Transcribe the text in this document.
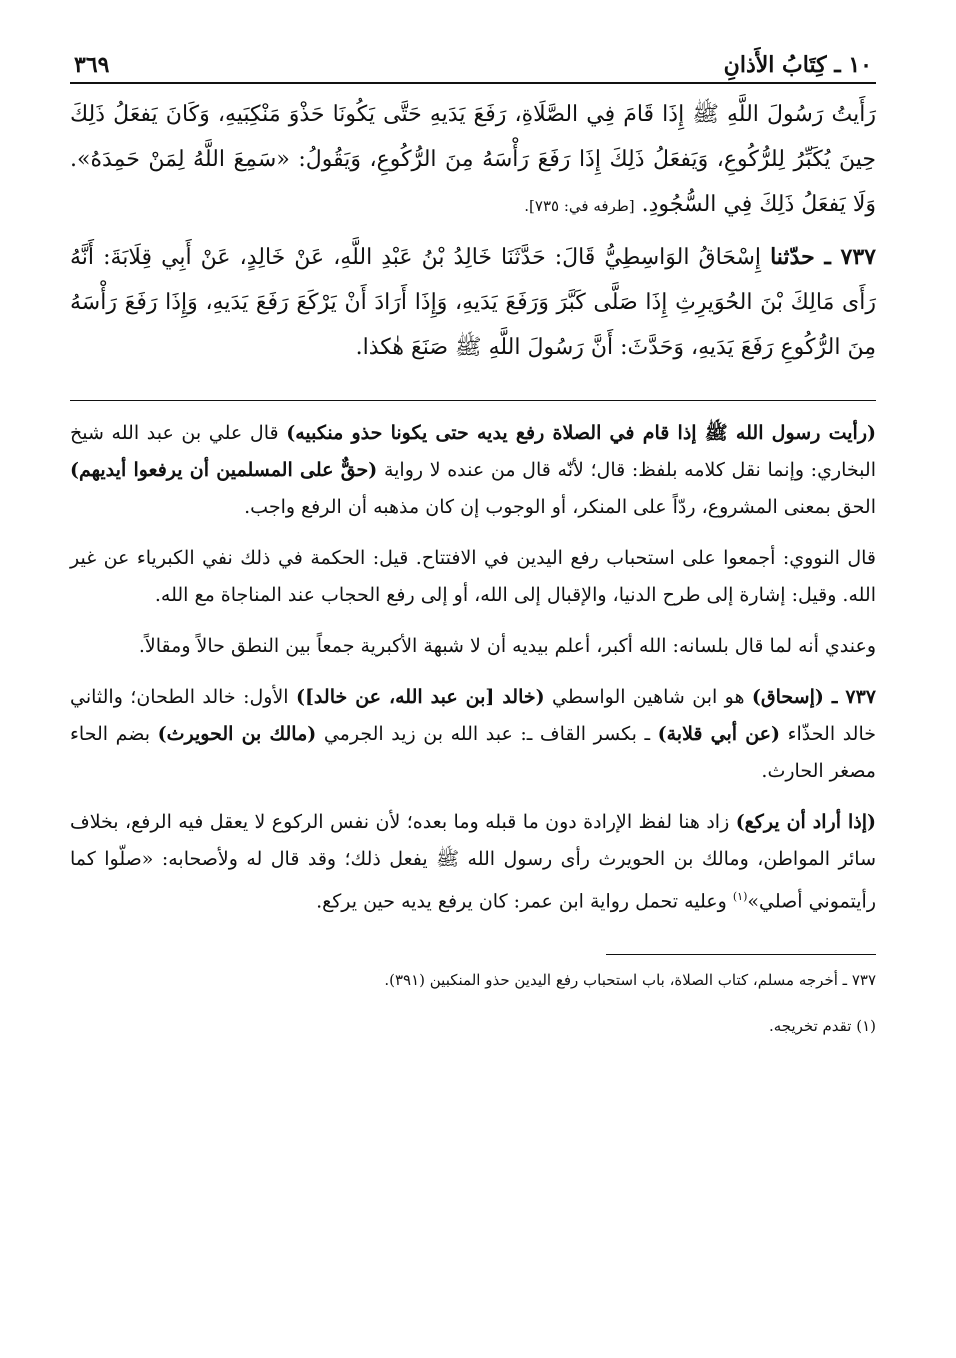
١٠ ـ كِتَابُ الأَذانِ
٣٦٩

رَأَيتُ رَسُولَ اللَّهِ ﷺ إِذَا قَامَ فِي الصَّلَاةِ، رَفَعَ يَدَيهِ حَتَّى يَكُونَا حَذْوَ مَنْكِبَيهِ، وَكَانَ يَفعَلُ ذَلِكَ حِينَ يُكَبِّرُ لِلرُّكُوعِ، وَيَفعَلُ ذَلِكَ إِذَا رَفَعَ رَأْسَهُ مِنَ الرُّكُوعِ، وَيَقُولُ: «سَمِعَ اللَّهُ لِمَنْ حَمِدَهُ». وَلَا يَفعَلُ ذَلِكَ فِي السُّجُودِ. [طرفه في: ٧٣٥].

٧٣٧ ـ حدّثنا إِسْحَاقُ الوَاسِطِيُّ قَالَ: حَدَّثَنَا خَالِدُ بْنُ عَبْدِ اللَّهِ، عَنْ خَالِدٍ، عَنْ أَبِي قِلَابَةَ: أَنَّهُ رَأَى مَالِكَ بْنَ الحُوَيرِثِ إِذَا صَلَّى كَبَّرَ وَرَفَعَ يَدَيهِ، وَإِذَا أَرَادَ أَنْ يَرْكَعَ رَفَعَ يَدَيهِ، وَإِذَا رَفَعَ رَأْسَهُ مِنَ الرُّكُوعِ رَفَعَ يَدَيهِ، وَحَدَّثَ: أَنَّ رَسُولَ اللَّهِ ﷺ صَنَعَ هٰكذا.

(رأيت رسول الله ﷺ إذا قام في الصلاة رفع يديه حتى يكونا حذو منكبيه) قال علي بن عبد الله شيخ البخاري: وإنما نقل كلامه بلفظ: قال؛ لأنّه قال من عنده لا رواية (حقٌّ على المسلمين أن يرفعوا أيديهم) الحق بمعنى المشروع، ردّاً على المنكر، أو الوجوب إن كان مذهبه أن الرفع واجب.

قال النووي: أجمعوا على استحباب رفع اليدين في الافتتاح. قيل: الحكمة في ذلك نفي الكبرياء عن غير الله. وقيل: إشارة إلى طرح الدنيا، والإقبال إلى الله، أو إلى رفع الحجاب عند المناجاة مع الله.

وعندي أنه لما قال بلسانه: الله أكبر، أعلم بيديه أن لا شبهة الأكبرية جمعاً بين النطق حالاً ومقالاً.

٧٣٧ ـ (إسحاق) هو ابن شاهين الواسطي (خالد [بن عبد الله، عن خالد]) الأول: خالد الطحان؛ والثاني خالد الحذّاء (عن أبي قلابة) ـ بكسر القاف ـ: عبد الله بن زيد الجرمي (مالك بن الحويرث) بضم الحاء مصغر الحارث.

(إذا أراد أن يركع) زاد هنا لفظ الإرادة دون ما قبله وما بعده؛ لأن نفس الركوع لا يعقل فيه الرفع، بخلاف سائر المواطن، ومالك بن الحويرث رأى رسول الله ﷺ يفعل ذلك؛ وقد قال له ولأصحابه: «صلّوا كما رأيتموني أصلي»$^{(١)}$ وعليه تحمل رواية ابن عمر: كان يرفع يديه حين يركع.

٧٣٧ ـ أخرجه مسلم، كتاب الصلاة، باب استحباب رفع اليدين حذو المنكبين (٣٩١).

(١) تقدم تخريجه.
